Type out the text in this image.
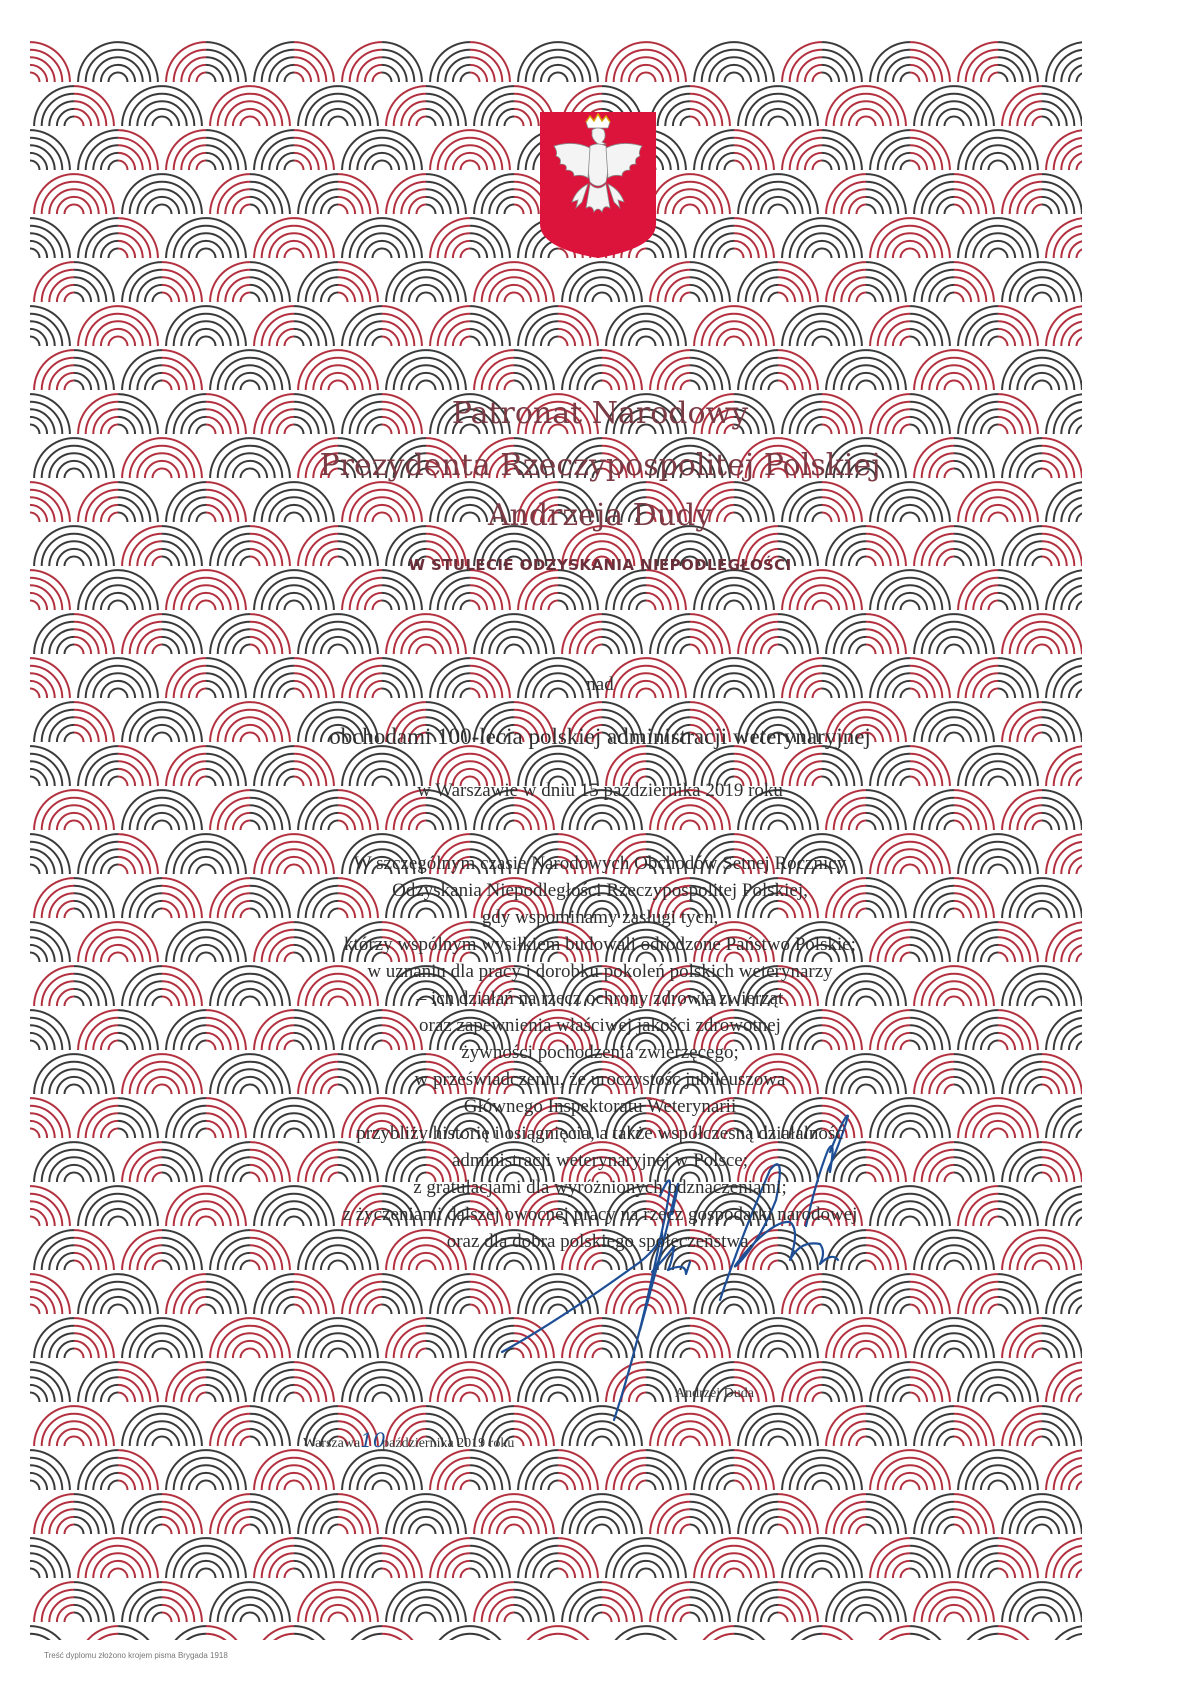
Patronat Narodowy
Prezydenta Rzeczypospolitej Polskiej
Andrzeja Dudy
W STULECIE ODZYSKANIA NIEPODLEGŁOŚCI
nad
obchodami 100-lecia polskiej administracji weterynaryjnej
w Warszawie w dniu 15 października 2019 roku
W szczególnym czasie Narodowych Obchodów Setnej Rocznicy
Odzyskania Niepodległości Rzeczypospolitej Polskiej,
gdy wspominamy zasługi tych,
którzy wspólnym wysiłkiem budowali odrodzone Państwo Polskie;
w uznaniu dla pracy i dorobku pokoleń polskich weterynarzy
– ich działań na rzecz ochrony zdrowia zwierząt
oraz zapewnienia właściwej jakości zdrowotnej
żywności pochodzenia zwierzęcego;
w przeświadczeniu, że uroczystość jubileuszowa
Głównego Inspektoratu Weterynarii
przybliży historię i osiągnięcia, a także współczesną działalność
administracji weterynaryjnej w Polsce;
z gratulacjami dla wyróżnionych odznaczeniami;
z życzeniami dalszej owocnej pracy na rzecz gospodarki narodowej
oraz dla dobra polskiego społeczeństwa.
Andrzej Duda
Warszawa10października 2019 roku
Treść dyplomu złożono krojem pisma Brygada 1918
